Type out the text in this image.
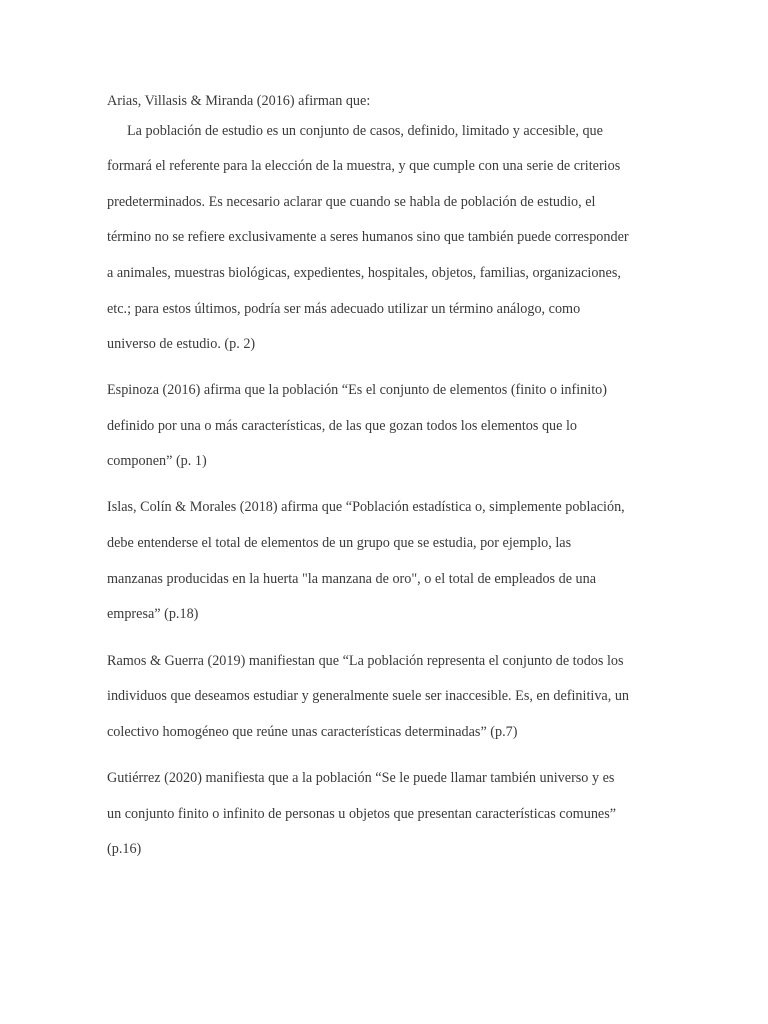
Arias, Villasis & Miranda (2016) afirman que:
La población de estudio es un conjunto de casos, definido, limitado y accesible, que
formará el referente para la elección de la muestra, y que cumple con una serie de criterios
predeterminados. Es necesario aclarar que cuando se habla de población de estudio, el
término no se refiere exclusivamente a seres humanos sino que también puede corresponder
a animales, muestras biológicas, expedientes, hospitales, objetos, familias, organizaciones,
etc.; para estos últimos, podría ser más adecuado utilizar un término análogo, como
universo de estudio. (p. 2)
Espinoza (2016) afirma que la población “Es el conjunto de elementos (finito o infinito)
definido por una o más características, de las que gozan todos los elementos que lo
componen” (p. 1)
Islas, Colín & Morales (2018) afirma que “Población estadística o, simplemente población,
debe entenderse el total de elementos de un grupo que se estudia, por ejemplo, las
manzanas producidas en la huerta "la manzana de oro", o el total de empleados de una
empresa” (p.18)
Ramos & Guerra (2019) manifiestan que “La población representa el conjunto de todos los
individuos que deseamos estudiar y generalmente suele ser inaccesible. Es, en definitiva, un
colectivo homogéneo que reúne unas características determinadas” (p.7)
Gutiérrez (2020) manifiesta que a la población “Se le puede llamar también universo y es
un conjunto finito o infinito de personas u objetos que presentan características comunes”
(p.16)
